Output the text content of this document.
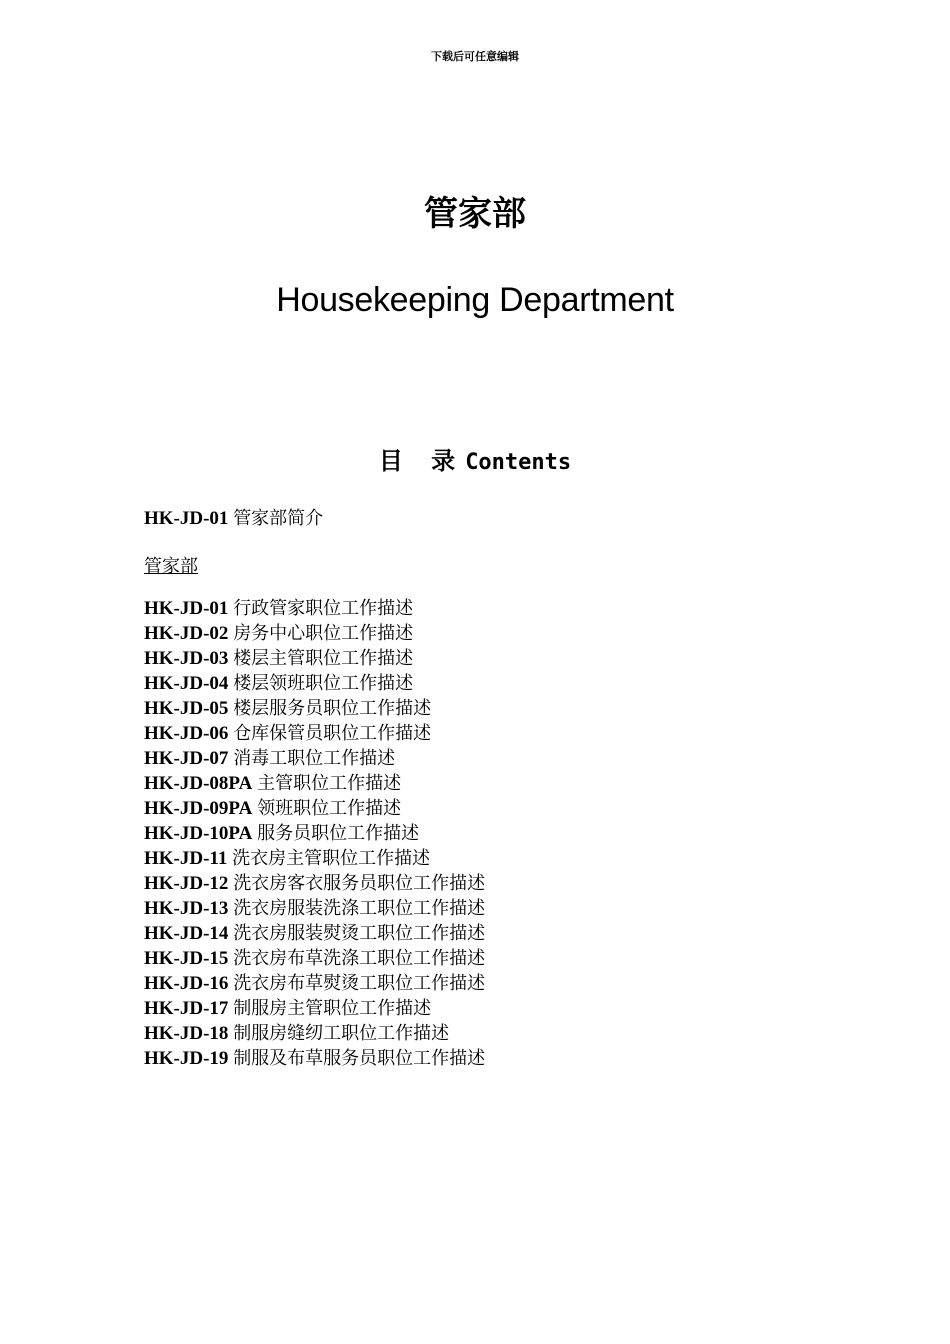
下载后可任意编辑
管家部
Housekeeping Department
目 录Contents
HK-JD-01 管家部简介
管家部
HK-JD-01 行政管家职位工作描述
HK-JD-02 房务中心职位工作描述
HK-JD-03 楼层主管职位工作描述
HK-JD-04 楼层领班职位工作描述
HK-JD-05 楼层服务员职位工作描述
HK-JD-06 仓库保管员职位工作描述
HK-JD-07 消毒工职位工作描述
HK-JD-08PA 主管职位工作描述
HK-JD-09PA 领班职位工作描述
HK-JD-10PA 服务员职位工作描述
HK-JD-11 洗衣房主管职位工作描述
HK-JD-12 洗衣房客衣服务员职位工作描述
HK-JD-13 洗衣房服装洗涤工职位工作描述
HK-JD-14 洗衣房服装熨烫工职位工作描述
HK-JD-15 洗衣房布草洗涤工职位工作描述
HK-JD-16 洗衣房布草熨烫工职位工作描述
HK-JD-17 制服房主管职位工作描述
HK-JD-18 制服房缝纫工职位工作描述
HK-JD-19 制服及布草服务员职位工作描述
